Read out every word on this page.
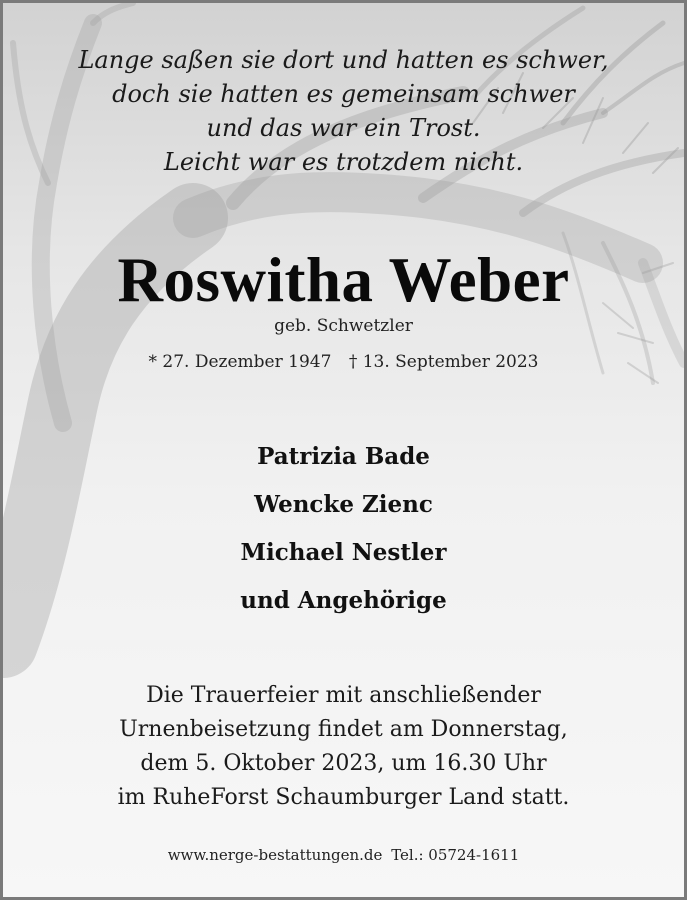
Lange saßen sie dort und hatten es schwer,
doch sie hatten es gemeinsam schwer
und das war ein Trost.
Leicht war es trotzdem nicht.
Roswitha Weber
geb. Schwetzler
* 27. Dezember 1947 † 13. September 2023
Patrizia Bade
Wencke Zienc
Michael Nestler
und Angehörige
Die Trauerfeier mit anschließender
Urnenbeisetzung findet am Donnerstag,
dem 5. Oktober 2023, um 16.30 Uhr
im RuheForst Schaumburger Land statt.
www.nerge-bestattungen.de Tel.: 05724-1611
